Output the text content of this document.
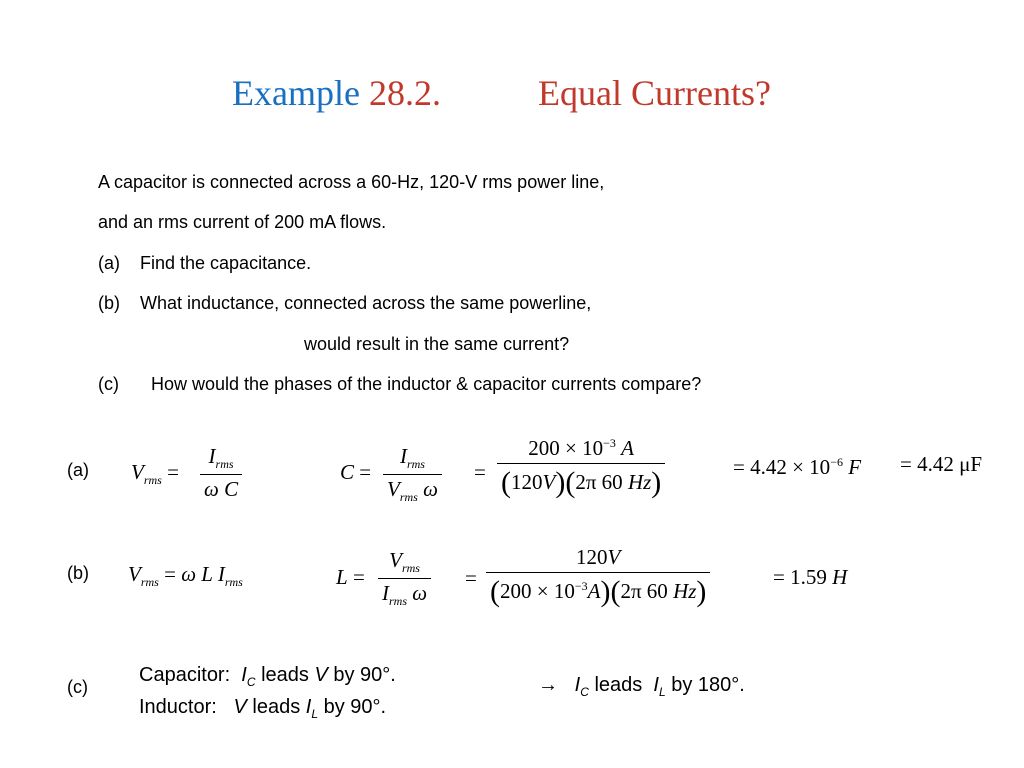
Example 28.2.	Equal Currents?
A capacitor is connected across a 60-Hz, 120-V rms power line,
and an rms current of 200 mA flows.
(a) Find the capacitance.
(b) What inductance, connected across the same powerline,
would result in the same current?
(c) How would the phases of the inductor & capacitor currents compare?
(a) $V_{rms}$ =
$I_{rms}$
ω C
C =
$I_{rms}$
$V_{rms}$ ω
=
$200 \times 10^{-3}$ A
(120V)(2π 60 Hz)	= $4.42 \times 10^{-6}$ F = 4.42 μF
(b) $V_{rms} = \omega$ L $I_{rms}$	L =
$V_{rms}$
$I_{rms}$ ω
=
120V
$(200 \times 10^{-3}A)(2\pi$ 60 Hz)	= 1.59 H
(c)
Capacitor: $I_C$ leads V by 90°.
Inductor: V leads $I_L$ by 90°.
→ $I_C$ leads $I_L$ by 180°.
